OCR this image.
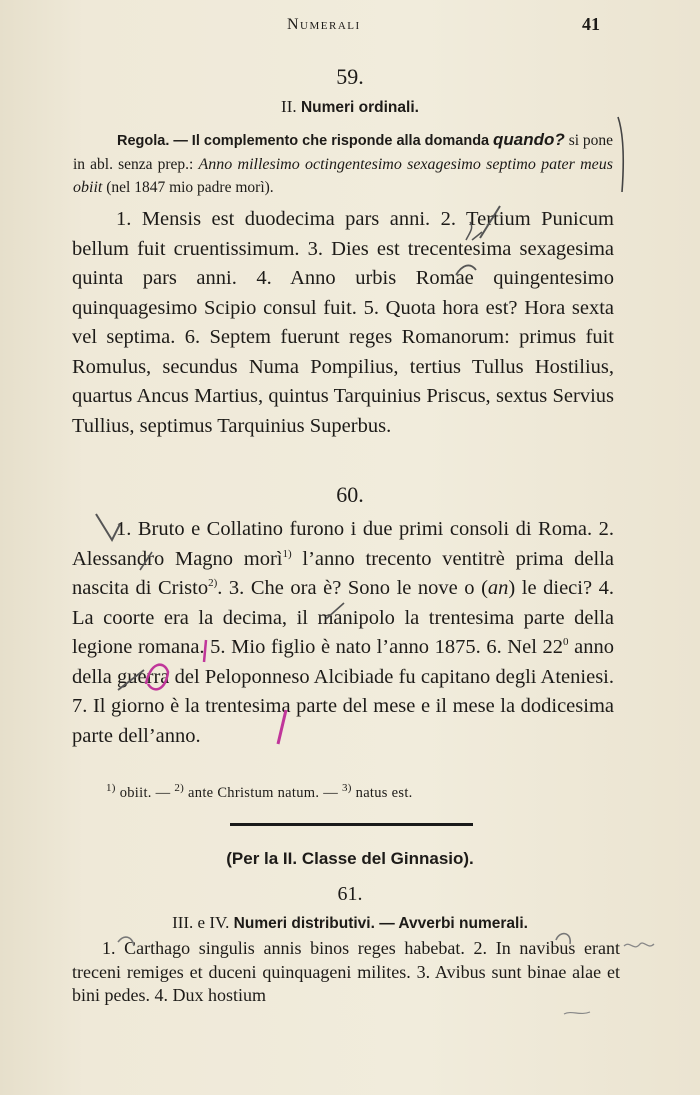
Numerali	41
59.
II. Numeri ordinali.
Regola. — Il complemento che risponde alla domanda quando? si pone in abl. senza prep.: Anno millesimo octingentesimo sexagesimo septimo pater meus obiit (nel 1847 mio padre morì).

1. Mensis est duodecima pars anni. 2. Tertium Punicum bellum fuit cruentissimum. 3. Dies est trecentesima sexagesima quinta pars anni. 4. Anno urbis Romae quingentesimo quinquagesimo Scipio consul fuit. 5. Quota hora est? Hora sexta vel septima. 6. Septem fuerunt reges Romanorum: primus fuit Romulus, secundus Numa Pompilius, tertius Tullus Hostilius, quartus Ancus Martius, quintus Tarquinius Priscus, sextus Servius Tullius, septimus Tarquinius Superbus.

60.

1. Bruto e Collatino furono i due primi consoli di Roma. 2. Alessandro Magno morì$^{1)}$ l’anno trecento ventitrè prima della nascita di Cristo$^{2)}$. 3. Che ora è? Sono le nove o (an) le dieci? 4. La coorte era la decima, il manipolo la trentesima parte della legione romana. 5. Mio figlio è nato l’anno 1875. 6. Nel $22^0$ anno della guerra del Peloponneso Alcibiade fu capitano degli Ateniesi. 7. Il giorno è la trentesima parte del mese e il mese la dodicesima parte dell’anno.

$^{1)}$ obiit. — $^{2)}$ ante Christum natum. — $^{3)}$ natus est.
(Per la II. Classe del Ginnasio).
61.
III. e IV. Numeri distributivi. — Avverbi numerali.

1. Carthago singulis annis binos reges habebat. 2. In navibus erant treceni remiges et duceni quinquageni milites. 3. Avibus sunt binae alae et bini pedes. 4. Dux hostium
